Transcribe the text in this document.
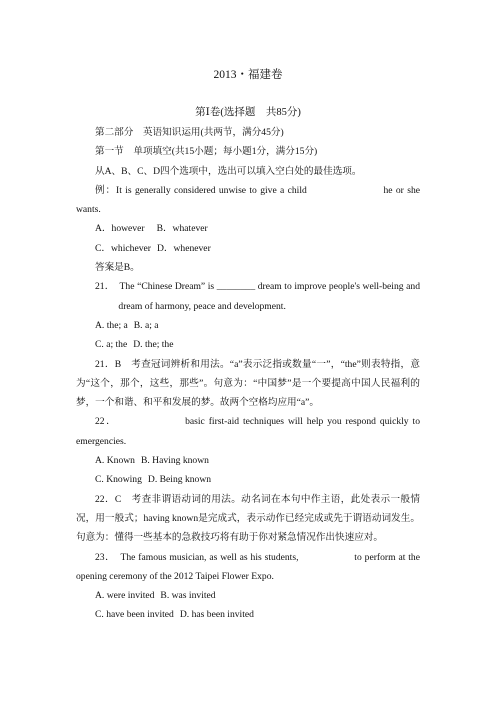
2013・福建卷
第Ⅰ卷(选择题　共85分)

第二部分　英语知识运用(共两节，满分45分)

第一节　单项填空(共15小题；每小题1分，满分15分)

从A、B、C、D四个选项中，选出可以填入空白处的最佳选项。

例：It is generally considered unwise to give a child	he or she wants.

A．however B．whatever

C．whichever D．whenever

答案是B。

21．　The “Chinese Dream” is ________ dream to improve people's well-being and  dream of harmony, peace and development.

A. the; a B. a; a

C. a; the D. the; the

21．B　考查冠词辨析和用法。“a”表示泛指或数量“一”，“the”则表特指，意为“这个，那个，这些，那些”。句意为：“中国梦”是一个要提高中国人民福利的梦，一个和谐、和平和发展的梦。故两个空格均应用“a”。

22．	basic first-aid techniques will help you respond quickly to emergencies.

A. Known B. Having known

C. Knowing D. Being known

22．C　考查非谓语动词的用法。动名词在本句中作主语，此处表示一般情况，用一般式；having known是完成式，表示动作已经完成或先于谓语动词发生。句意为：懂得一些基本的急救技巧将有助于你对紧急情况作出快速应对。

23．　The famous musician, as well as his students,	to perform at the opening ceremony of the 2012 Taipei Flower Expo.

A. were invited B. was invited

C. have been invited D. has been invited
